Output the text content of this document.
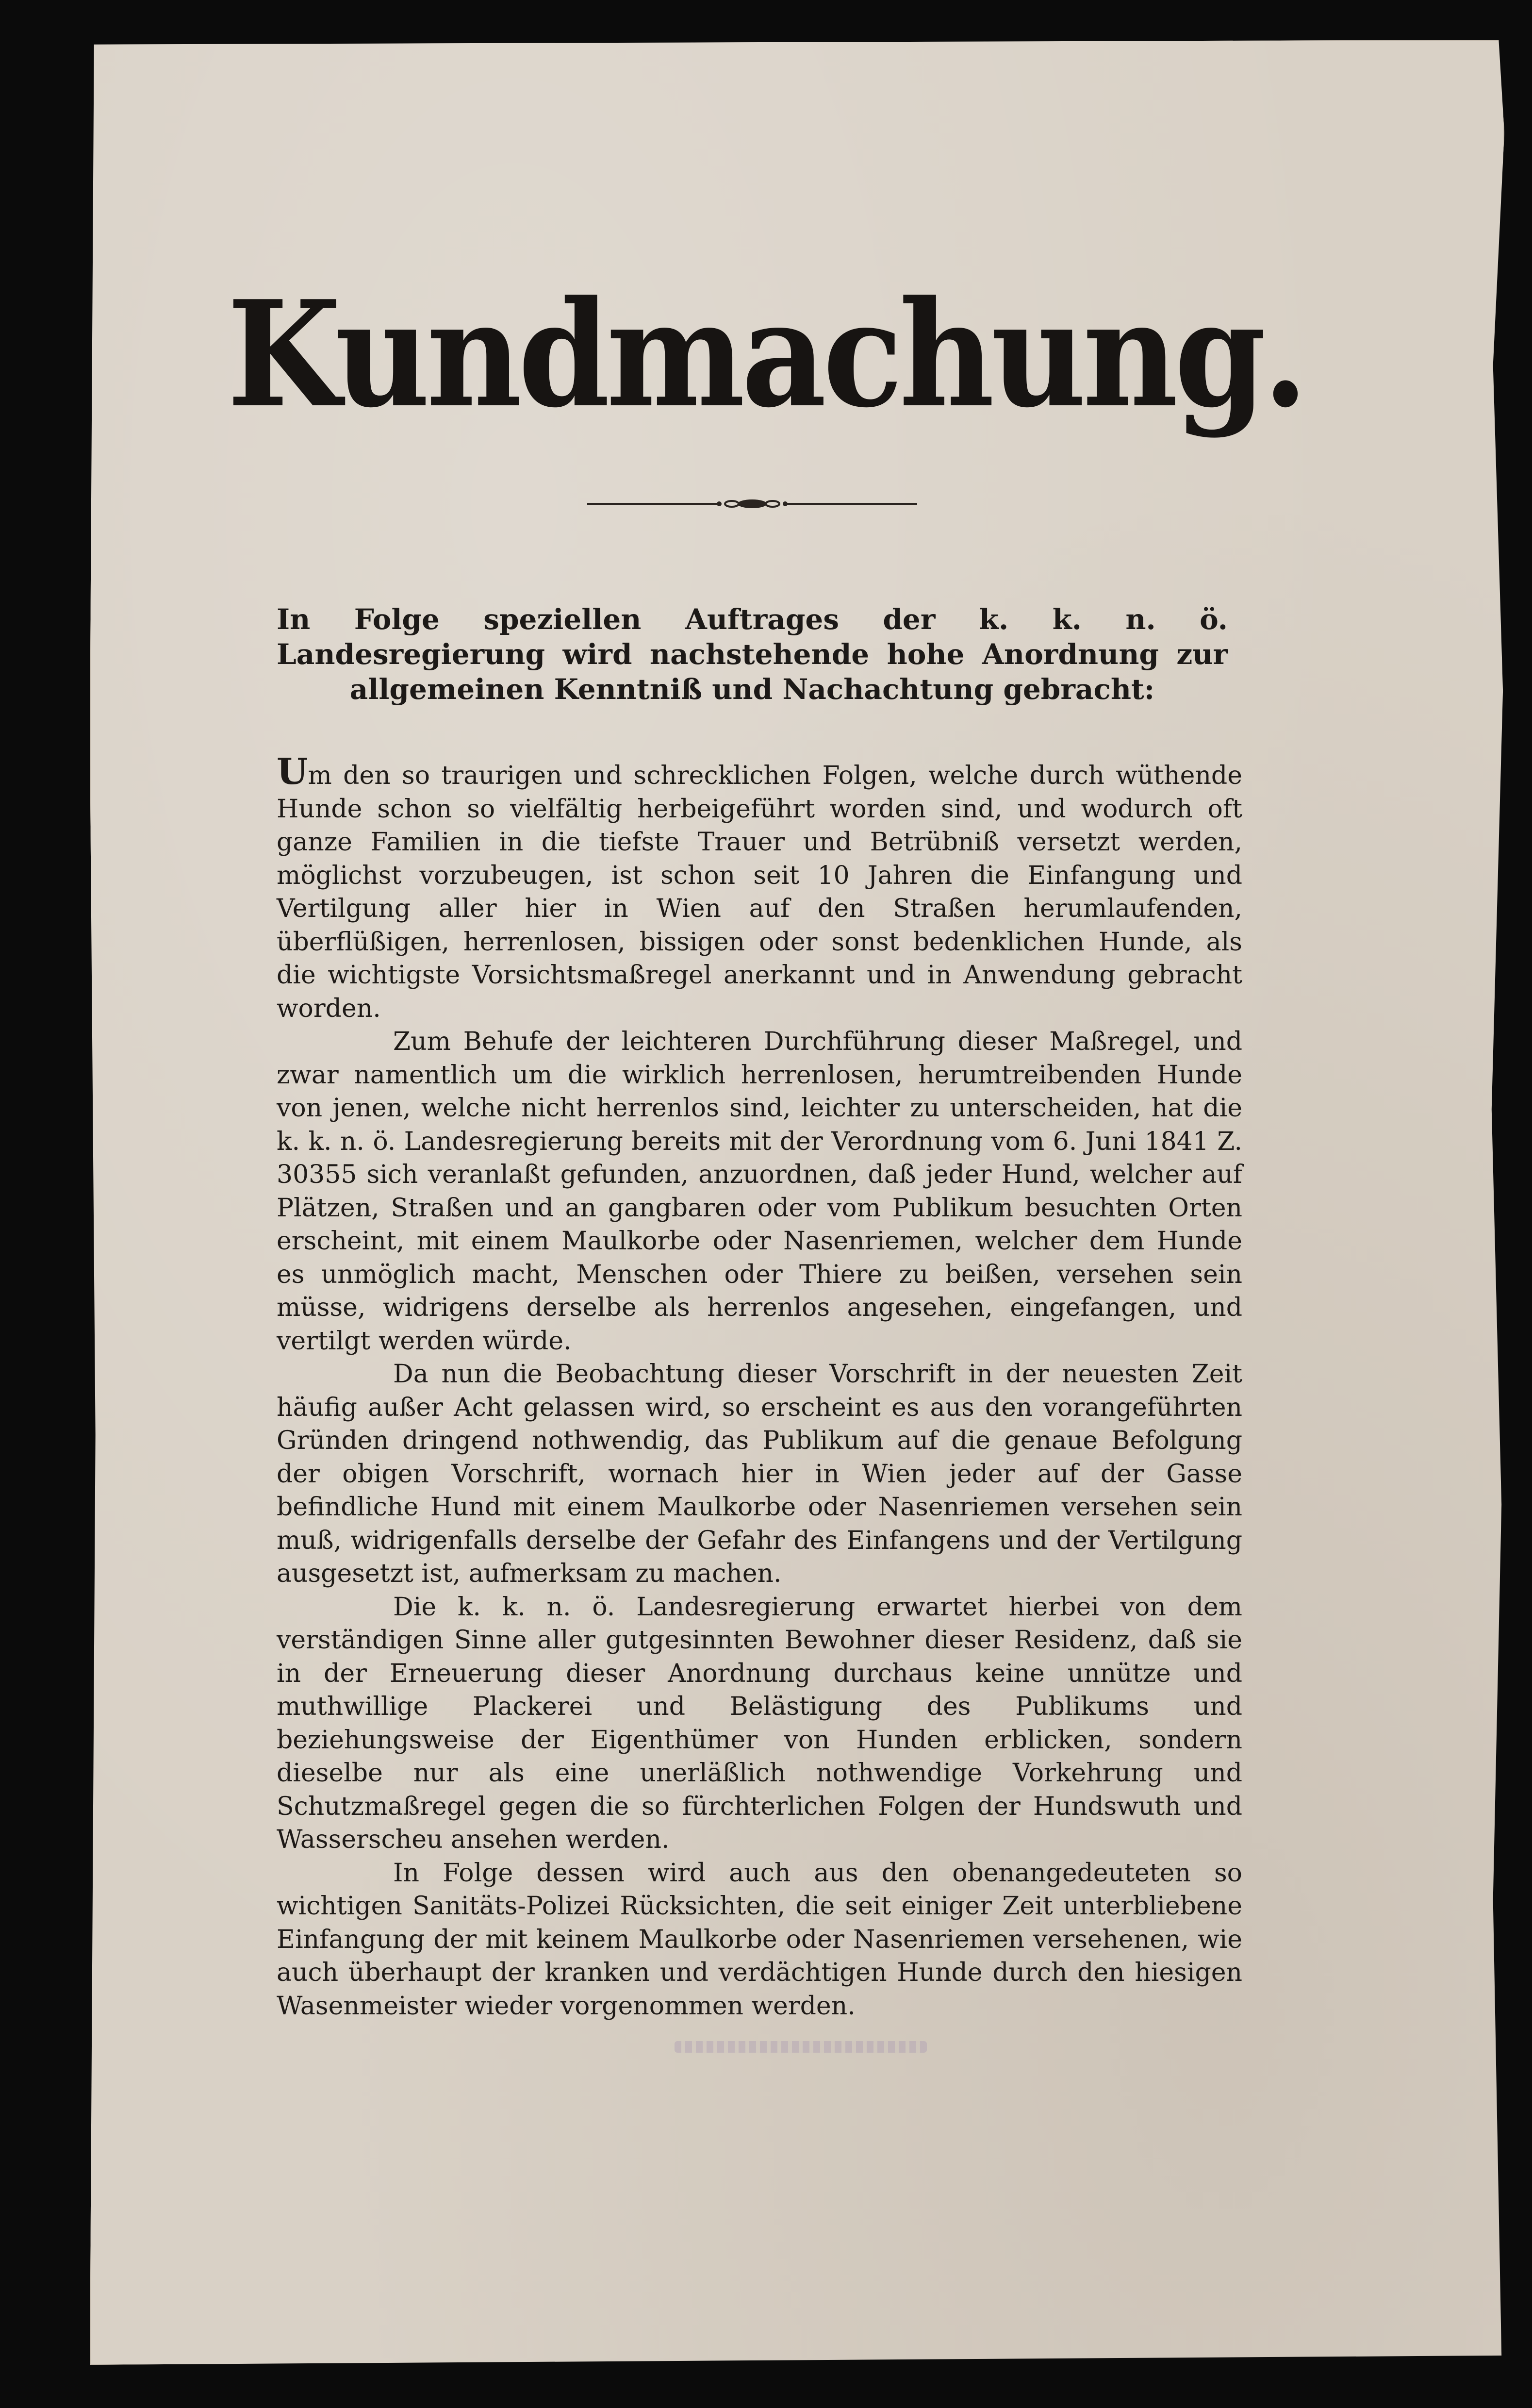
Kundmachung.
In Folge speziellen Auftrages der k. k. n. ö. Landesregierung wird nachstehende hohe Anordnung zur allgemeinen Kenntniß und Nachachtung gebracht:

Um den so traurigen und schrecklichen Folgen, welche durch wüthende Hunde schon so vielfältig herbeigeführt worden sind, und wodurch oft ganze Familien in die tiefste Trauer und Betrübniß versetzt werden, möglichst vorzubeugen, ist schon seit 10 Jahren die Einfangung und Vertilgung aller hier in Wien auf den Straßen herumlaufenden, überflüßigen, herrenlosen, bissigen oder sonst bedenklichen Hunde, als die wichtigste Vorsichtsmaßregel anerkannt und in Anwendung gebracht worden.

Zum Behufe der leichteren Durchführung dieser Maßregel, und zwar namentlich um die wirklich herrenlosen, herumtreibenden Hunde von jenen, welche nicht herrenlos sind, leichter zu unterscheiden, hat die k. k. n. ö. Landesregierung bereits mit der Verordnung vom 6. Juni 1841 Z. 30355 sich veranlaßt gefunden, anzuordnen, daß jeder Hund, welcher auf Plätzen, Straßen und an gangbaren oder vom Publikum besuchten Orten erscheint, mit einem Maulkorbe oder Nasenriemen, welcher dem Hunde es unmöglich macht, Menschen oder Thiere zu beißen, versehen sein müsse, widrigens derselbe als herrenlos angesehen, eingefangen, und vertilgt werden würde.

Da nun die Beobachtung dieser Vorschrift in der neuesten Zeit häufig außer Acht gelassen wird, so erscheint es aus den vorangeführten Gründen dringend nothwendig, das Publikum auf die genaue Befolgung der obigen Vorschrift, wornach hier in Wien jeder auf der Gasse befindliche Hund mit einem Maulkorbe oder Nasenriemen versehen sein muß, widrigenfalls derselbe der Gefahr des Einfangens und der Vertilgung ausgesetzt ist, aufmerksam zu machen.

Die k. k. n. ö. Landesregierung erwartet hierbei von dem verständigen Sinne aller gutgesinnten Bewohner dieser Residenz, daß sie in der Erneuerung dieser Anordnung durchaus keine unnütze und muthwillige Plackerei und Belästigung des Publikums und beziehungsweise der Eigenthümer von Hunden erblicken, sondern dieselbe nur als eine unerläßlich nothwendige Vorkehrung und Schutzmaßregel gegen die so fürchterlichen Folgen der Hundswuth und Wasserscheu ansehen werden.

In Folge dessen wird auch aus den obenangedeuteten so wichtigen Sanitäts-Polizei Rücksichten, die seit einiger Zeit unterbliebene Einfangung der mit keinem Maulkorbe oder Nasenriemen versehenen, wie auch überhaupt der kranken und verdächtigen Hunde durch den hiesigen Wasenmeister wieder vorgenommen werden.
